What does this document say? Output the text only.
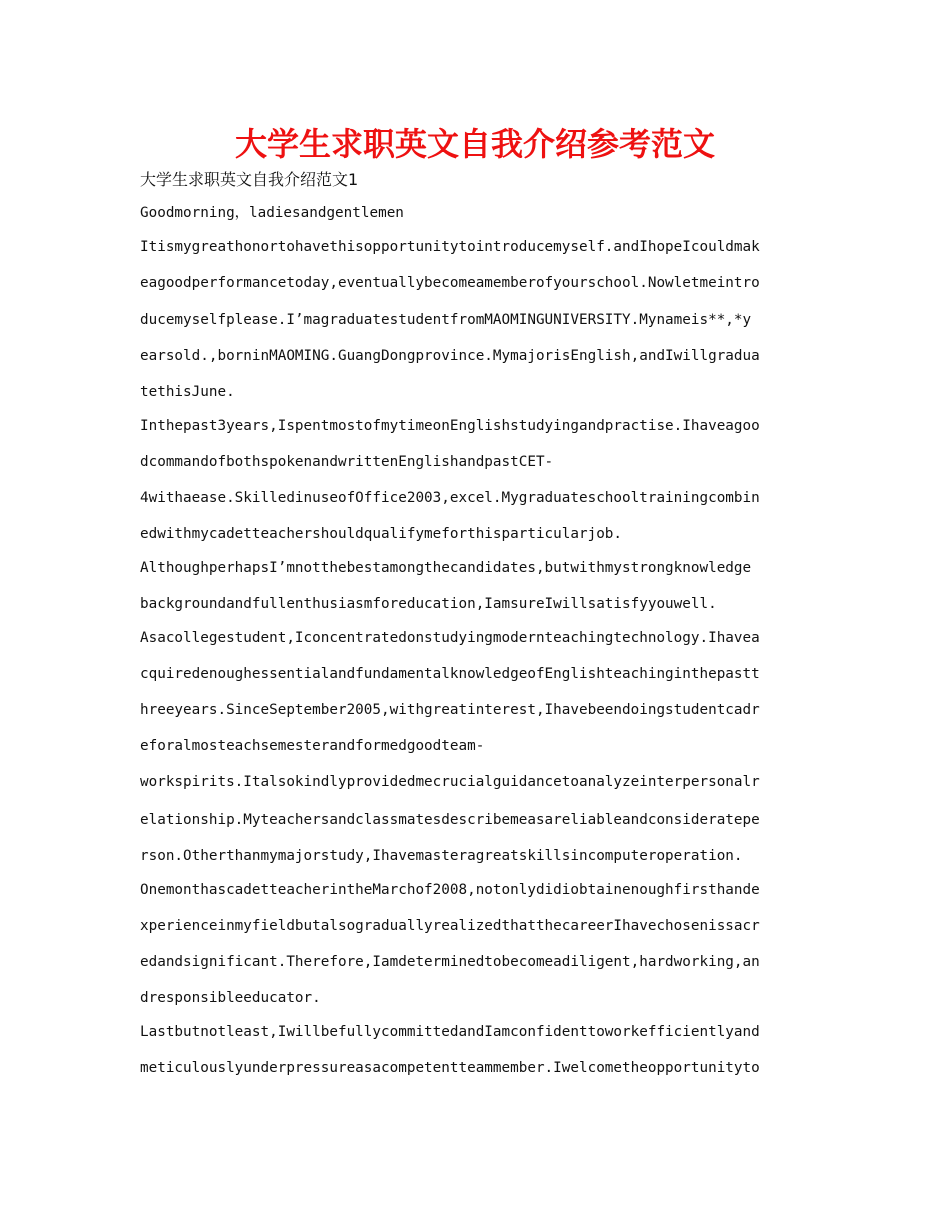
大学生求职英文自我介绍参考范文
大学生求职英文自我介绍范文1
Goodmorning，ladiesandgentlemen
Itismygreathonortohavethisopportunitytointroducemyself.andIhopeIcouldmak
eagoodperformancetoday,eventuallybecomeamemberofyourschool.Nowletmeintro
ducemyselfplease.I’magraduatestudentfromMAOMINGUNIVERSITY.Mynameis**,*y
earsold.,borninMAOMING.GuangDongprovince.MymajorisEnglish,andIwillgradua
tethisJune.
Inthepast3years,IspentmostofmytimeonEnglishstudyingandpractise.Ihaveagoo
dcommandofbothspokenandwrittenEnglishandpastCET-
4withaease.SkilledinuseofOffice2003,excel.Mygraduateschooltrainingcombin
edwithmycadetteachershouldqualifymeforthisparticularjob.
AlthoughperhapsI’mnotthebestamongthecandidates,butwithmystrongknowledge
backgroundandfullenthusiasmforeducation,IamsureIwillsatisfyyouwell.
Asacollegestudent,Iconcentratedonstudyingmodernteachingtechnology.Ihavea
cquiredenoughessentialandfundamentalknowledgeofEnglishteachinginthepastt
hreeyears.SinceSeptember2005,withgreatinterest,Ihavebeendoingstudentcadr
eforalmosteachsemesterandformedgoodteam-
workspirits.Italsokindlyprovidedmecrucialguidancetoanalyzeinterpersonalr
elationship.Myteachersandclassmatesdescribemeasareliableandconsideratepe
rson.Otherthanmymajorstudy,Ihavemasteragreatskillsincomputeroperation.
OnemonthascadetteacherintheMarchof2008,notonlydidiobtainenoughfirsthande
xperienceinmyfieldbutalsograduallyrealizedthatthecareerIhavechosenissacr
edandsignificant.Therefore,Iamdeterminedtobecomeadiligent,hardworking,an
dresponsibleeducator.
Lastbutnotleast,IwillbefullycommittedandIamconfidenttoworkefficientlyand
meticulouslyunderpressureasacompetentteammember.Iwelcometheopportunityto
